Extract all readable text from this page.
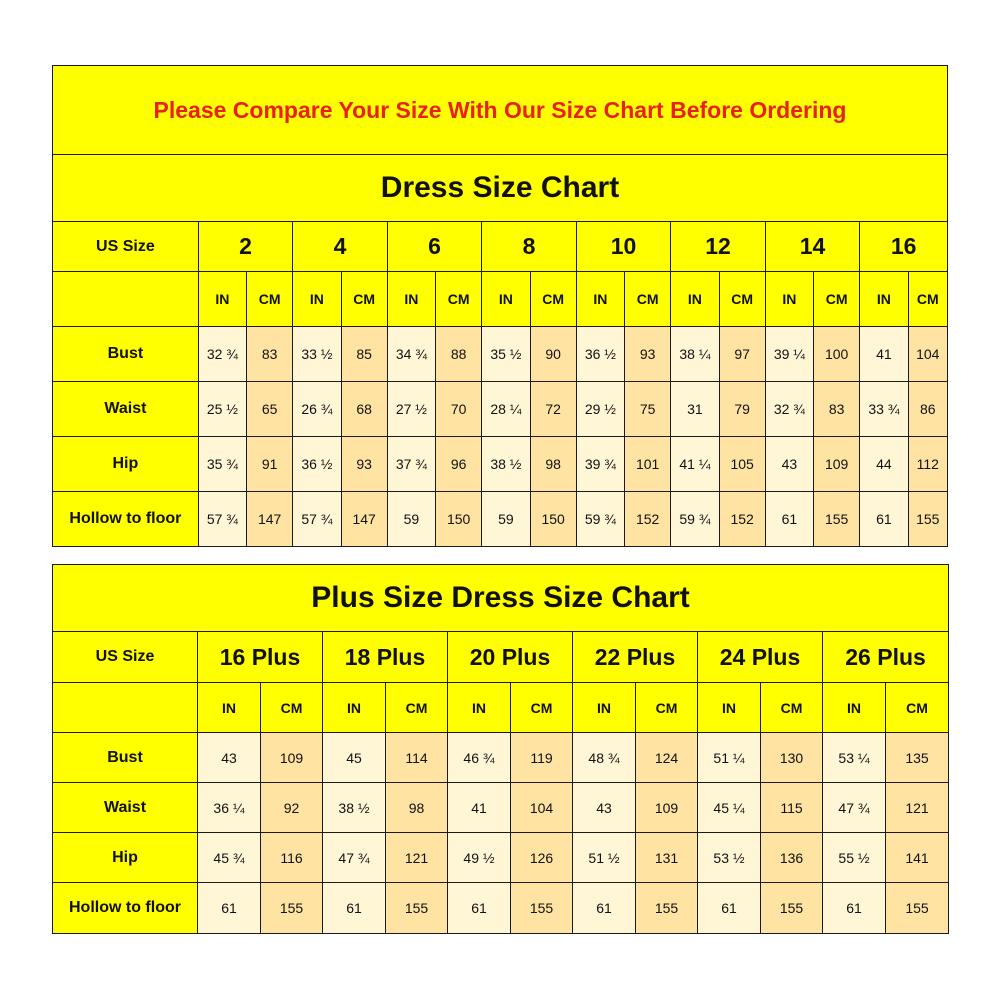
Please Compare Your Size With Our Size Chart Before Ordering																
Dress Size Chart																
US Size	2		4		6		8		10		12		14		16	
	IN	CM	IN	CM	IN	CM	IN	CM	IN	CM	IN	CM	IN	CM	IN	CM
Bust	32 ¾	83	33 ½	85	34 ¾	88	35 ½	90	36 ½	93	38 ¼	97	39 ¼	100	41	104
Waist	25 ½	65	26 ¾	68	27 ½	70	28 ¼	72	29 ½	75	31	79	32 ¾	83	33 ¾	86
Hip	35 ¾	91	36 ½	93	37 ¾	96	38 ½	98	39 ¾	101	41 ¼	105	43	109	44	112
Hollow to floor	57 ¾	147	57 ¾	147	59	150	59	150	59 ¾	152	59 ¾	152	61	155	61	155
Plus Size Dress Size Chart												
US Size	16 Plus		18 Plus		20 Plus		22 Plus		24 Plus		26 Plus	
	IN	CM	IN	CM	IN	CM	IN	CM	IN	CM	IN	CM
Bust	43	109	45	114	46 ¾	119	48 ¾	124	51 ¼	130	53 ¼	135
Waist	36 ¼	92	38 ½	98	41	104	43	109	45 ¼	115	47 ¾	121
Hip	45 ¾	116	47 ¾	121	49 ½	126	51 ½	131	53 ½	136	55 ½	141
Hollow to floor	61	155	61	155	61	155	61	155	61	155	61	155
